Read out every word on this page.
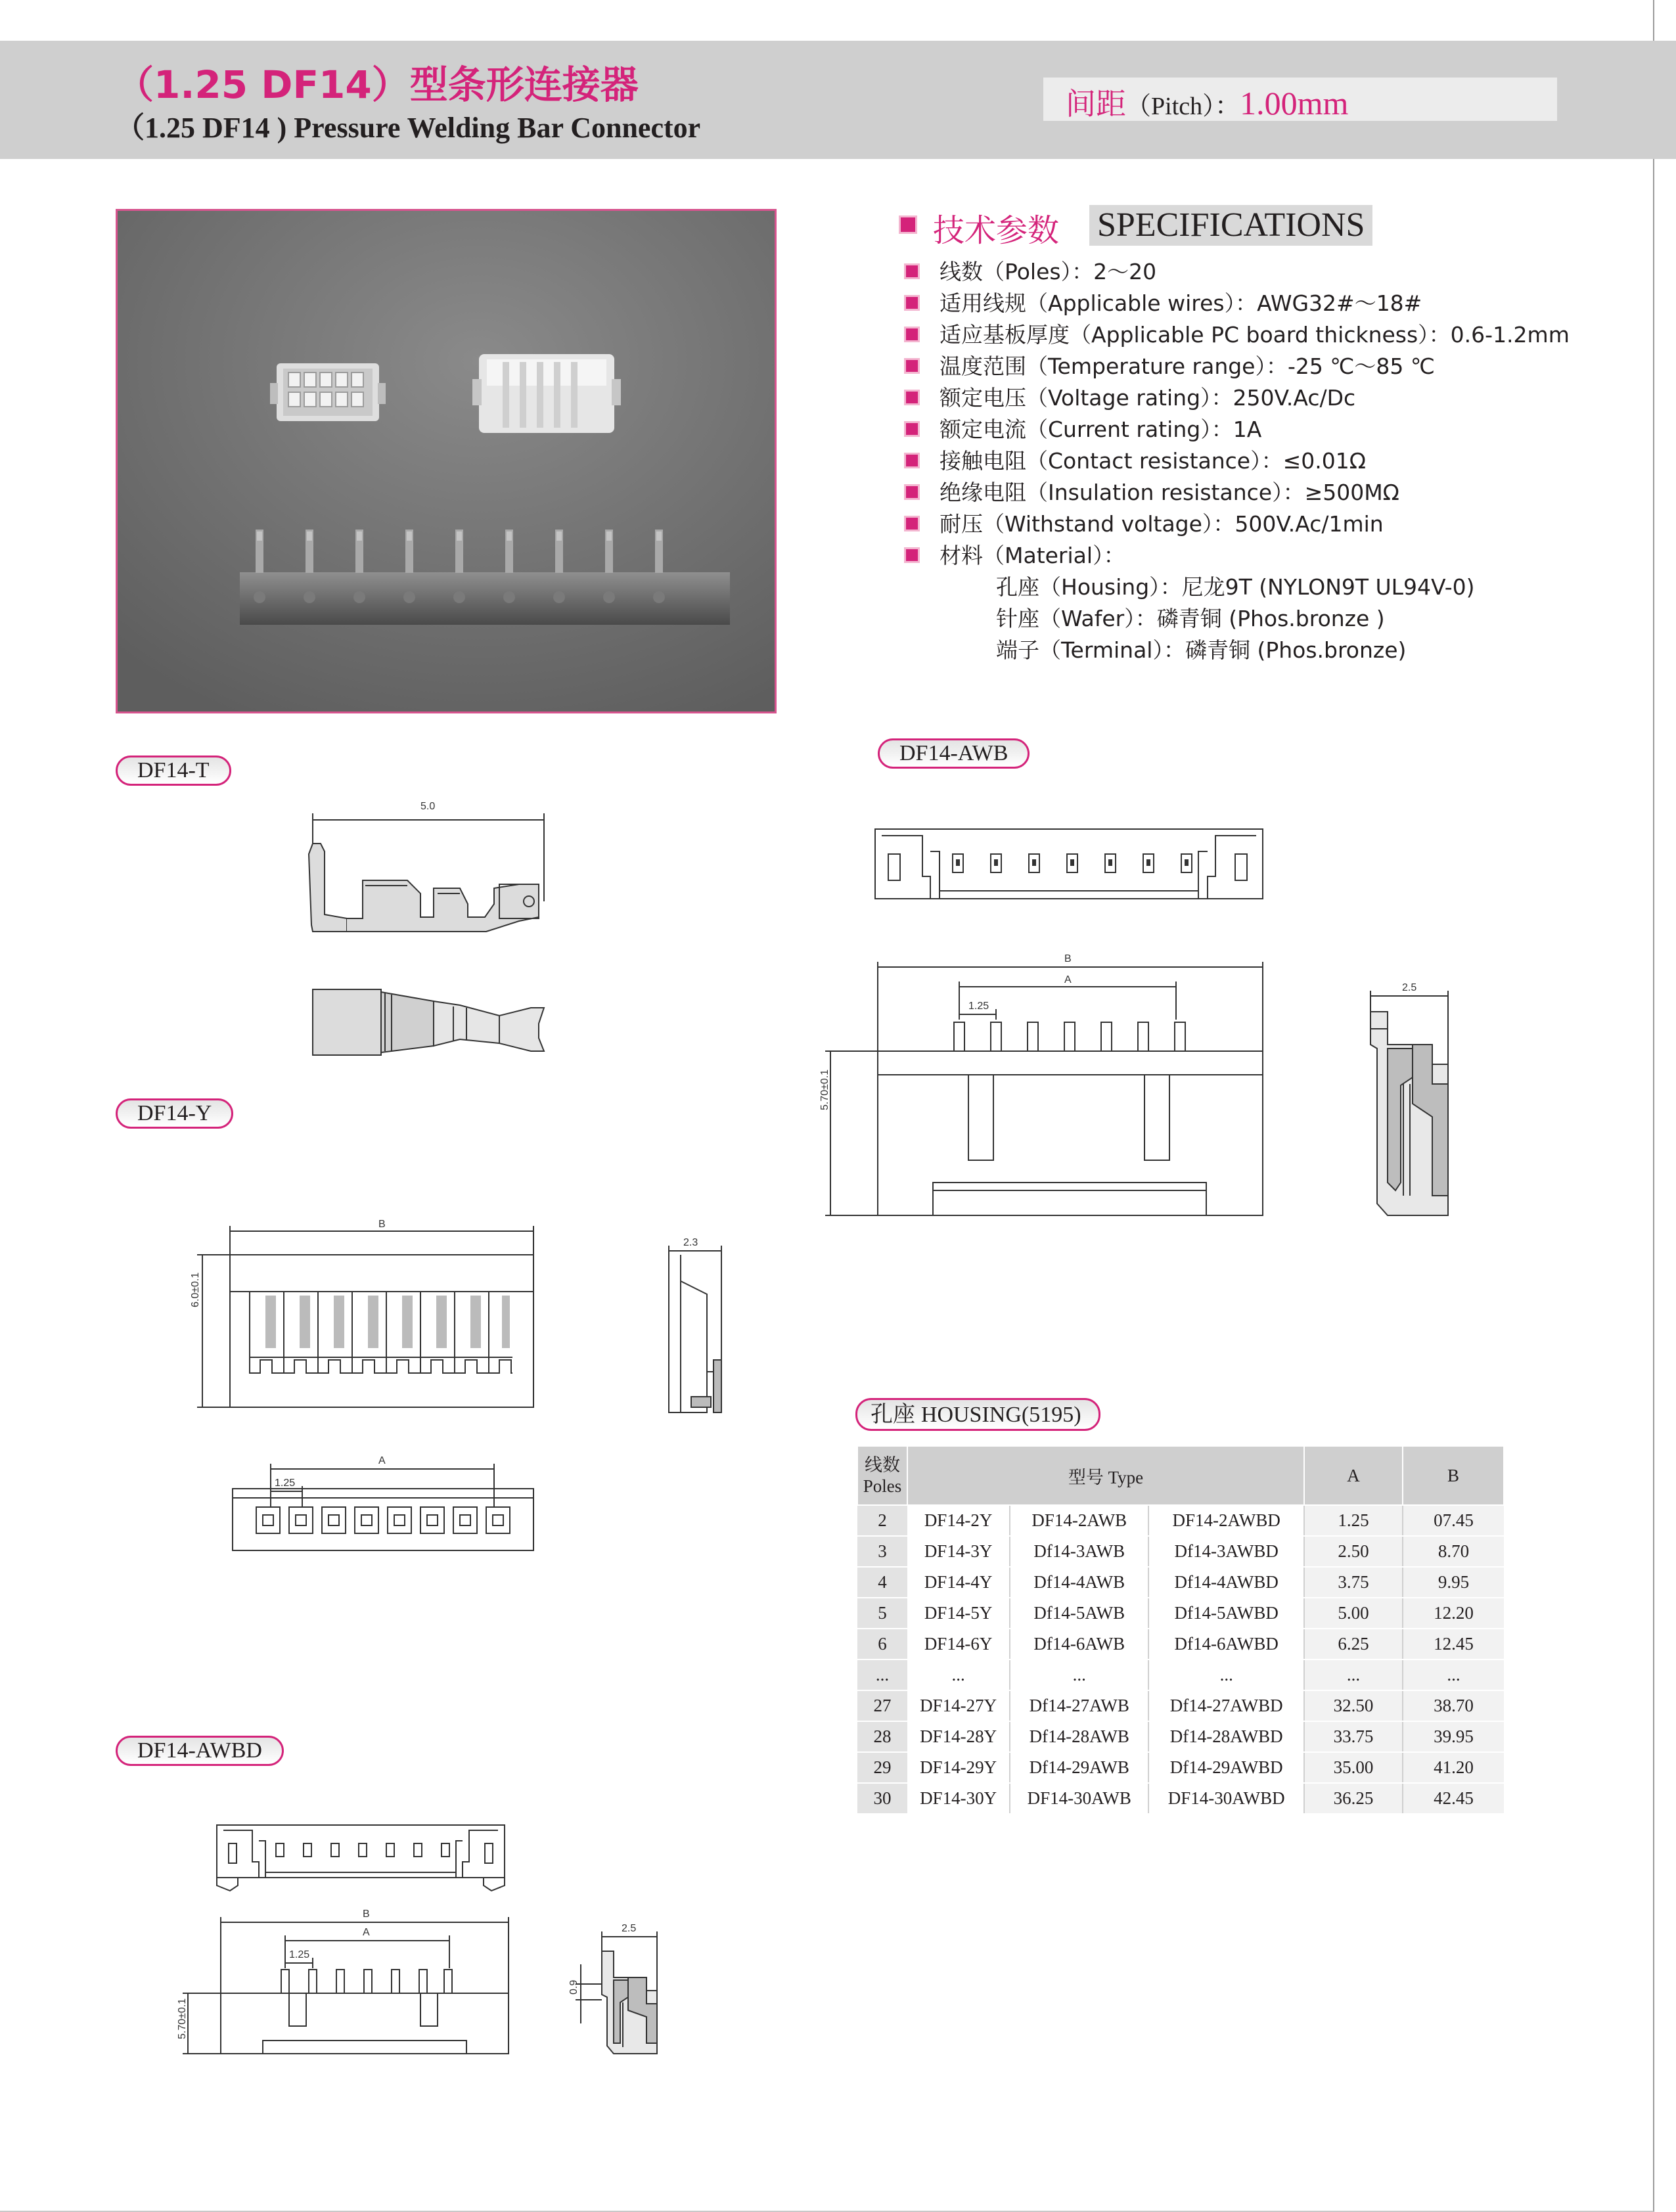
（1.25 DF14）型条形连接器
（1.25 DF14 ) Pressure Welding Bar Connector
间距（Pitch）：1.00mm
技术参数 SPECIFICATIONS
线数（Poles）：2～20
适用线规（Applicable wires）：AWG32#～18#
适应基板厚度（Applicable PC board thickness）：0.6-1.2mm
温度范围（Temperature range）：-25 ℃～85 ℃
额定电压（Voltage rating）：250V.Ac/Dc
额定电流（Current rating）：1A
接触电阻（Contact resistance）：≤0.01Ω
绝缘电阻（Insulation resistance）：≥500MΩ
耐压（Withstand voltage）：500V.Ac/1min
材料（Material）：
孔座（Housing）：尼龙9T (NYLON9T UL94V-0)
针座（Wafer）：磷青铜 (Phos.bronze )
端子（Terminal）：磷青铜 (Phos.bronze)
DF14-T
DF14-AWB
DF14-Y
DF14-AWBD
5.0
B
A
1.25
5.70±0.1
2.5
B
6.0±0.1
2.3
A
1.25
B
A
1.25
5.70±0.1
2.5
0.9
孔座 HOUSING(5195)
线数
Poles	型号 Type			A	B
2	DF14-2Y	DF14-2AWB	DF14-2AWBD	1.25	07.45
3	DF14-3Y	Df14-3AWB	Df14-3AWBD	2.50	8.70
4	DF14-4Y	Df14-4AWB	Df14-4AWBD	3.75	9.95
5	DF14-5Y	Df14-5AWB	Df14-5AWBD	5.00	12.20
6	DF14-6Y	Df14-6AWB	Df14-6AWBD	6.25	12.45
...	...	...	...	...	...
27	DF14-27Y	Df14-27AWB	Df14-27AWBD	32.50	38.70
28	DF14-28Y	Df14-28AWB	Df14-28AWBD	33.75	39.95
29	DF14-29Y	Df14-29AWB	Df14-29AWBD	35.00	41.20
30	DF14-30Y	DF14-30AWB	DF14-30AWBD	36.25	42.45
